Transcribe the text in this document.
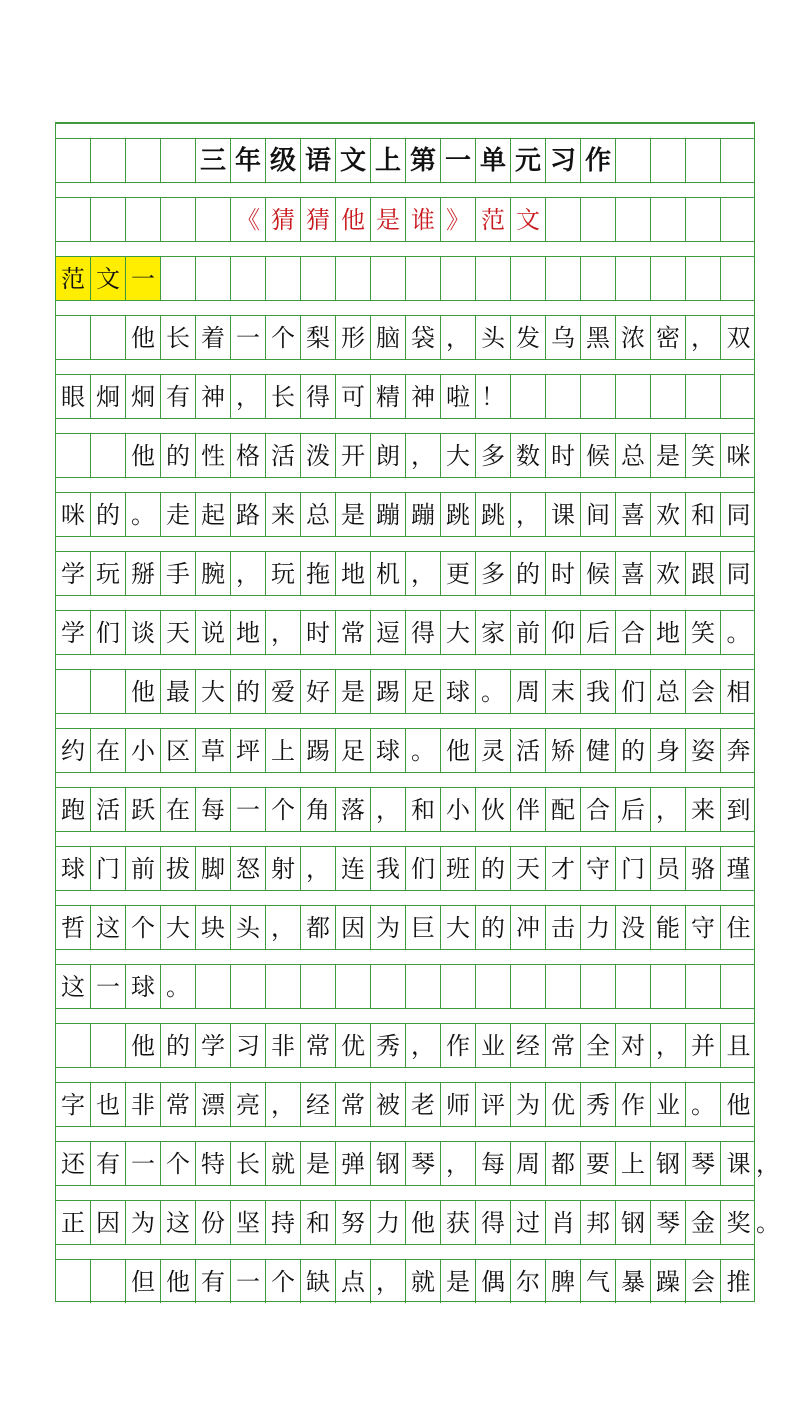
三 年 级 语 文 上 第 一 单 元 习 作
《 猜 猜 他 是 谁 》 范 文
范 文 一
他 长 着 一 个 梨 形 脑 袋 ， 头 发 乌 黑 浓 密 ， 双
眼 炯 炯 有 神 ， 长 得 可 精 神 啦 ！
他 的 性 格 活 泼 开 朗 ， 大 多 数 时 候 总 是 笑 咪
咪 的 。 走 起 路 来 总 是 蹦 蹦 跳 跳 ， 课 间 喜 欢 和 同
学 玩 掰 手 腕 ， 玩 拖 地 机 ， 更 多 的 时 候 喜 欢 跟 同
学 们 谈 天 说 地 ， 时 常 逗 得 大 家 前 仰 后 合 地 笑 。
他 最 大 的 爱 好 是 踢 足 球 。 周 末 我 们 总 会 相
约 在 小 区 草 坪 上 踢 足 球 。 他 灵 活 矫 健 的 身 姿 奔
跑 活 跃 在 每 一 个 角 落 ， 和 小 伙 伴 配 合 后 ， 来 到
球 门 前 拔 脚 怒 射 ， 连 我 们 班 的 天 才 守 门 员 骆 瑾
哲 这 个 大 块 头 ， 都 因 为 巨 大 的 冲 击 力 没 能 守 住
这 一 球 。
他 的 学 习 非 常 优 秀 ， 作 业 经 常 全 对 ， 并 且
字 也 非 常 漂 亮 ， 经 常 被 老 师 评 为 优 秀 作 业 。 他
还 有 一 个 特 长 就 是 弹 钢 琴 ， 每 周 都 要 上 钢 琴 课 ，
正 因 为 这 份 坚 持 和 努 力 他 获 得 过 肖 邦 钢 琴 金 奖 。
但 他 有 一 个 缺 点 ， 就 是 偶 尔 脾 气 暴 躁 会 推
